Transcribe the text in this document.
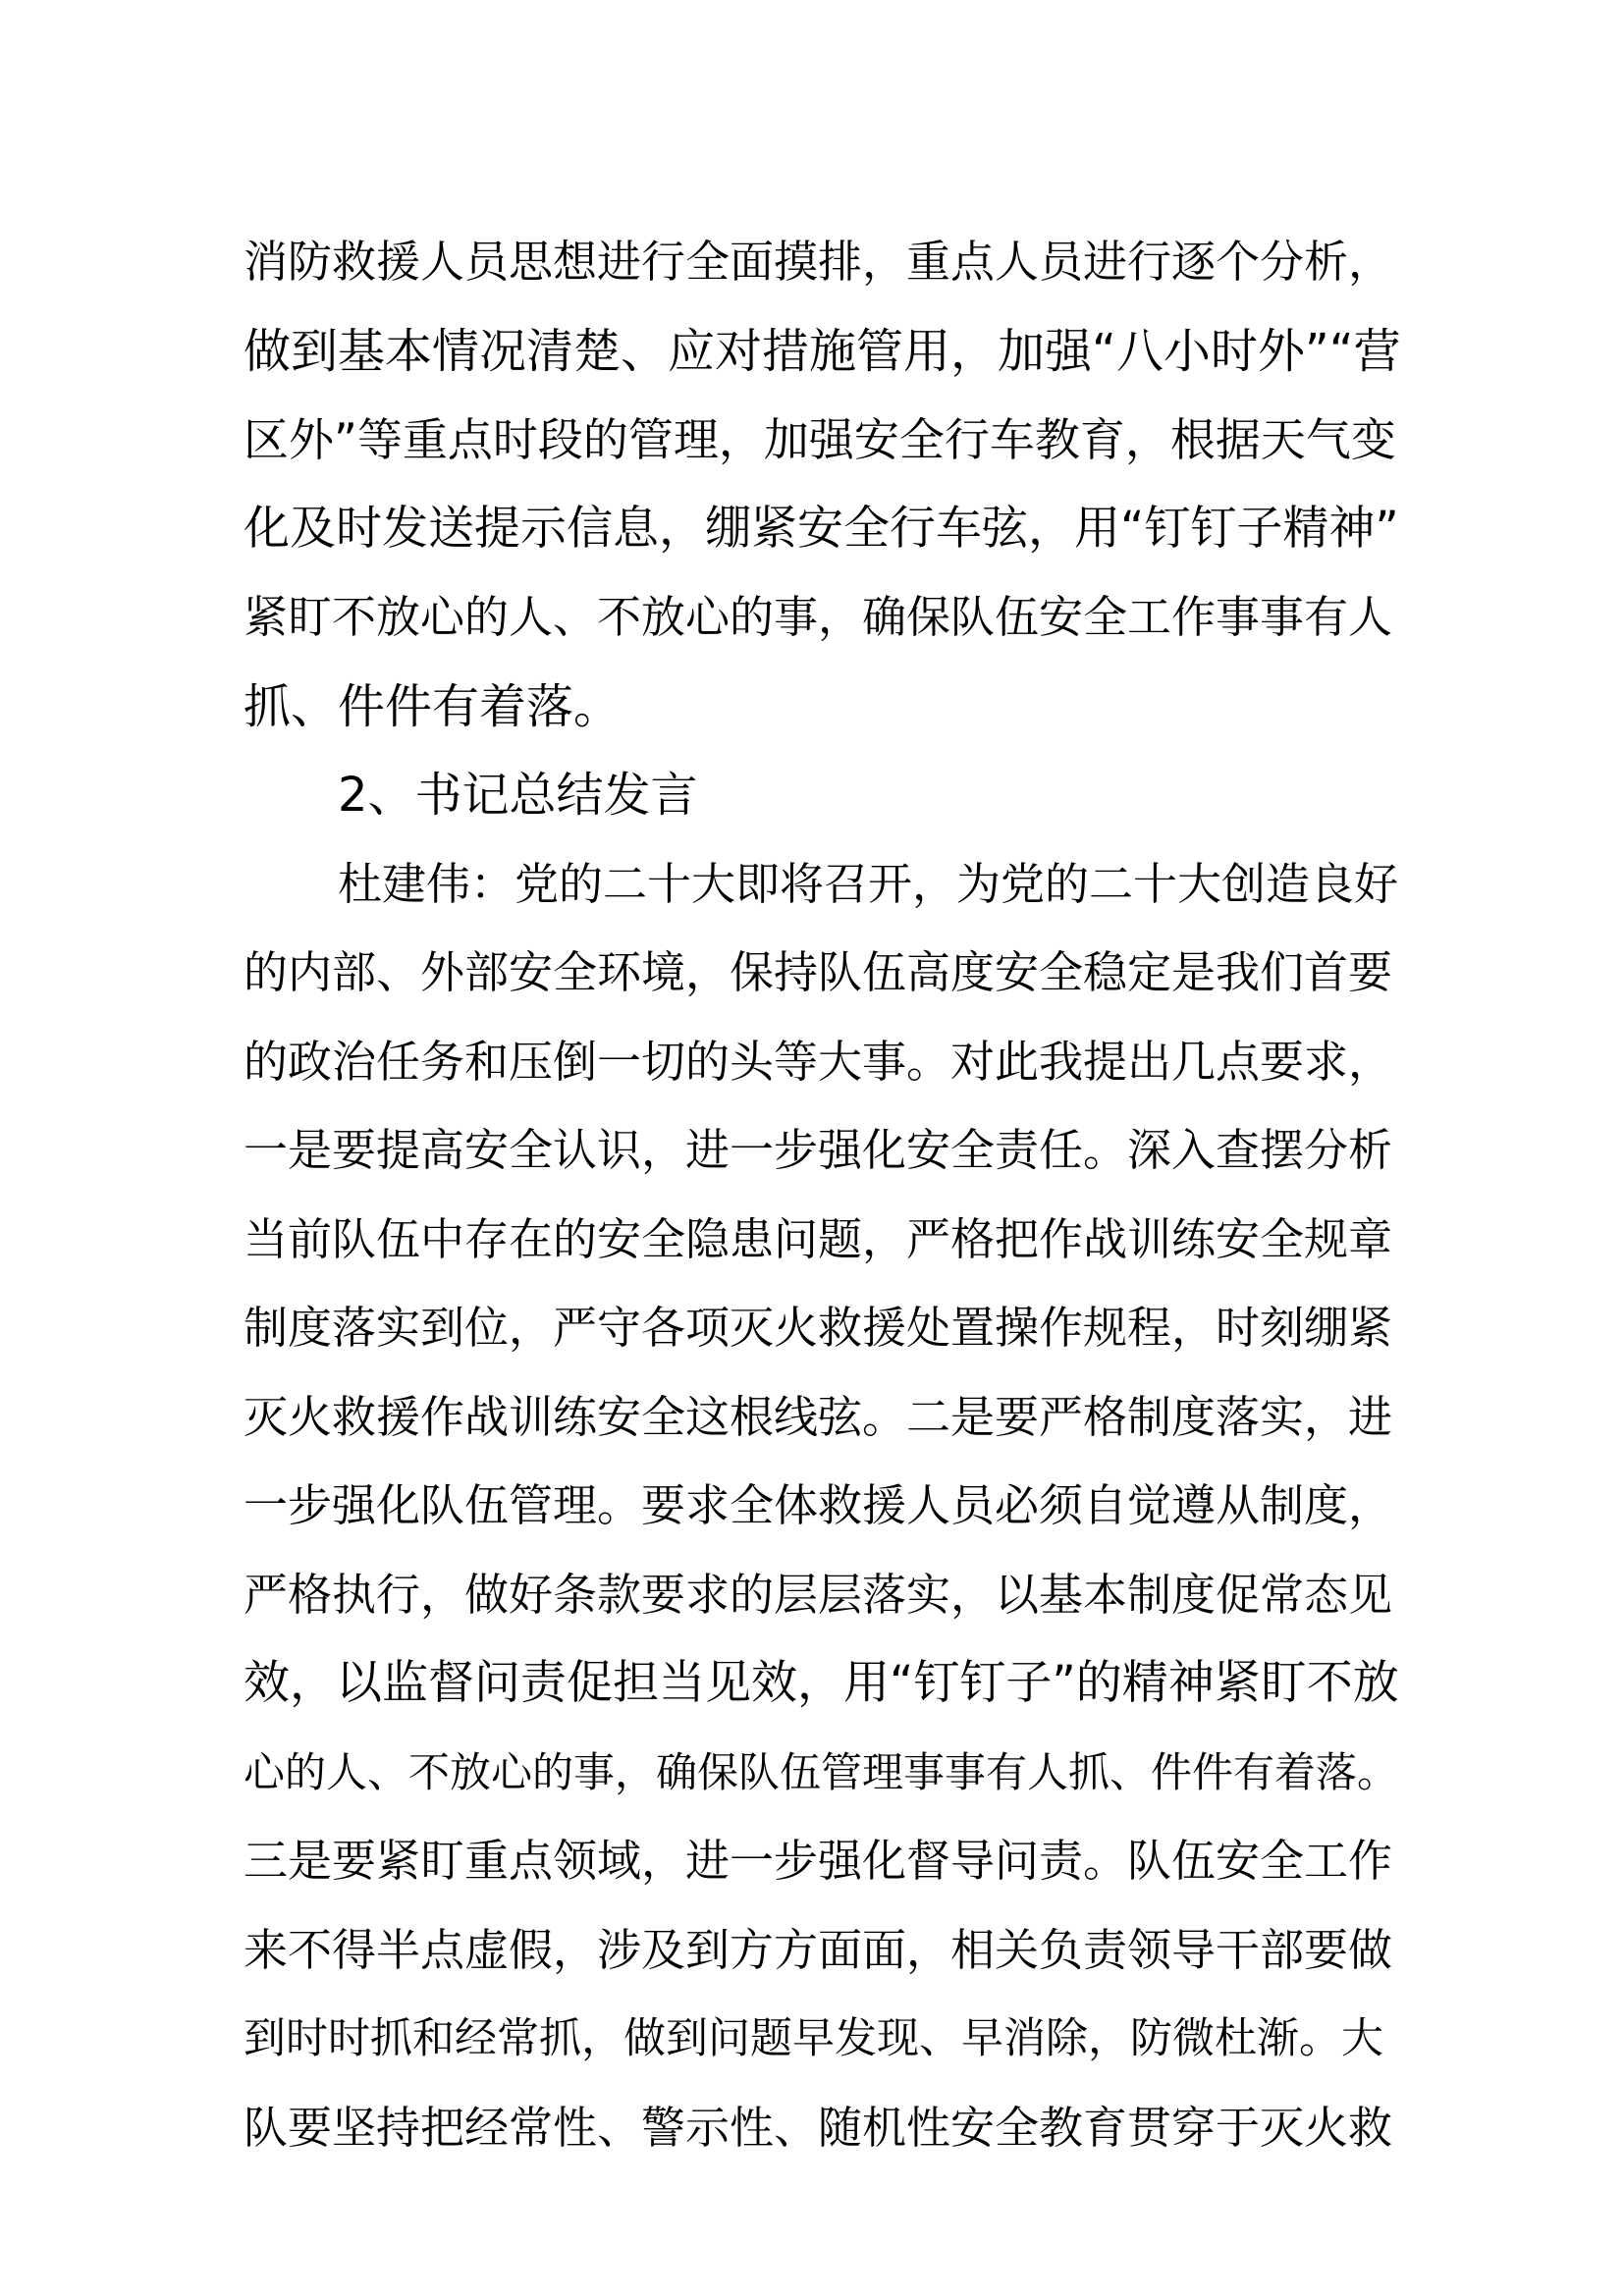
消防救援人员思想进行全面摸排，重点人员进行逐个分析，
做到基本情况清楚、应对措施管用，加强“八小时外”“营
区外”等重点时段的管理，加强安全行车教育，根据天气变
化及时发送提示信息，绷紧安全行车弦，用“钉钉子精神”
紧盯不放心的人、不放心的事，确保队伍安全工作事事有人
抓、件件有着落。
2、书记总结发言
杜建伟：党的二十大即将召开，为党的二十大创造良好
的内部、外部安全环境，保持队伍高度安全稳定是我们首要
的政治任务和压倒一切的头等大事。对此我提出几点要求，
一是要提高安全认识，进一步强化安全责任。深入查摆分析
当前队伍中存在的安全隐患问题，严格把作战训练安全规章
制度落实到位，严守各项灭火救援处置操作规程，时刻绷紧
灭火救援作战训练安全这根线弦。二是要严格制度落实，进
一步强化队伍管理。要求全体救援人员必须自觉遵从制度，
严格执行，做好条款要求的层层落实，以基本制度促常态见
效，以监督问责促担当见效，用“钉钉子”的精神紧盯不放
心的人、不放心的事，确保队伍管理事事有人抓、件件有着落。
三是要紧盯重点领域，进一步强化督导问责。队伍安全工作
来不得半点虚假，涉及到方方面面，相关负责领导干部要做
到时时抓和经常抓，做到问题早发现、早消除，防微杜渐。大
队要坚持把经常性、警示性、随机性安全教育贯穿于灭火救
